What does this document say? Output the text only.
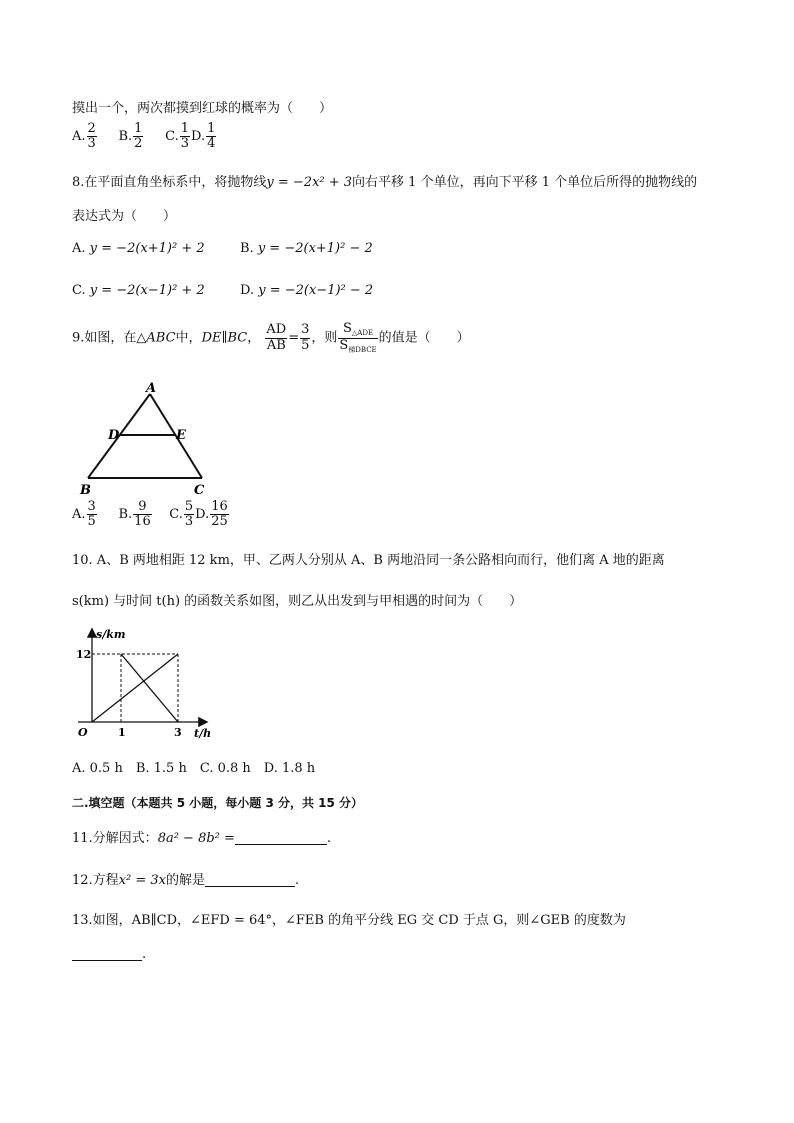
摸出一个，两次都摸到红球的概率为（　　）
A. $\frac{2}{3} B$. $\frac{1}{2} C$. $\frac{1}{3} D$. $\frac{1}{4}$
8.在平面直角坐标系中，将抛物线y = −2x² + 3向右平移 1 个单位，再向下平移 1 个单位后所得的抛物线的
表达式为（　　）
A. y = −2(x+1)² + 2	B. y = −2(x+1)² − 2
C. y = −2(x−1)² + 2	D. y = −2(x−1)² − 2
9.如图，在△ABC中，DE∥BC， $\frac{AD}{AB} = \frac{3}{5}$ ，则 $\frac{S_{\triangle ADE}}{S_{梯DBCE}}$ 的值是（　　）
A
D	E
B	C
A. $\frac{3}{5} B$. $\frac{9}{16} C$. $\frac{5}{3} D$. $\frac{16}{25}$
10. A、B 两地相距 12 km，甲、乙两人分别从 A、B 两地沿同一条公路相向而行，他们离 A 地的距离
s(km) 与时间 t(h) 的函数关系如图，则乙从出发到与甲相遇的时间为（　　）
s/km
t/h
O
12
1	3
A. 0.5 h　B. 1.5 h　C. 0.8 h　D. 1.8 h
二.填空题（本题共 5 小题，每小题 3 分，共 15 分）
11.分解因式：8a² − 8b² =	.
12.方程x² = 3x的解是	.
13.如图，AB∥CD，∠EFD = 64°，∠FEB 的角平分线 EG 交 CD 于点 G，则∠GEB 的度数为
.
